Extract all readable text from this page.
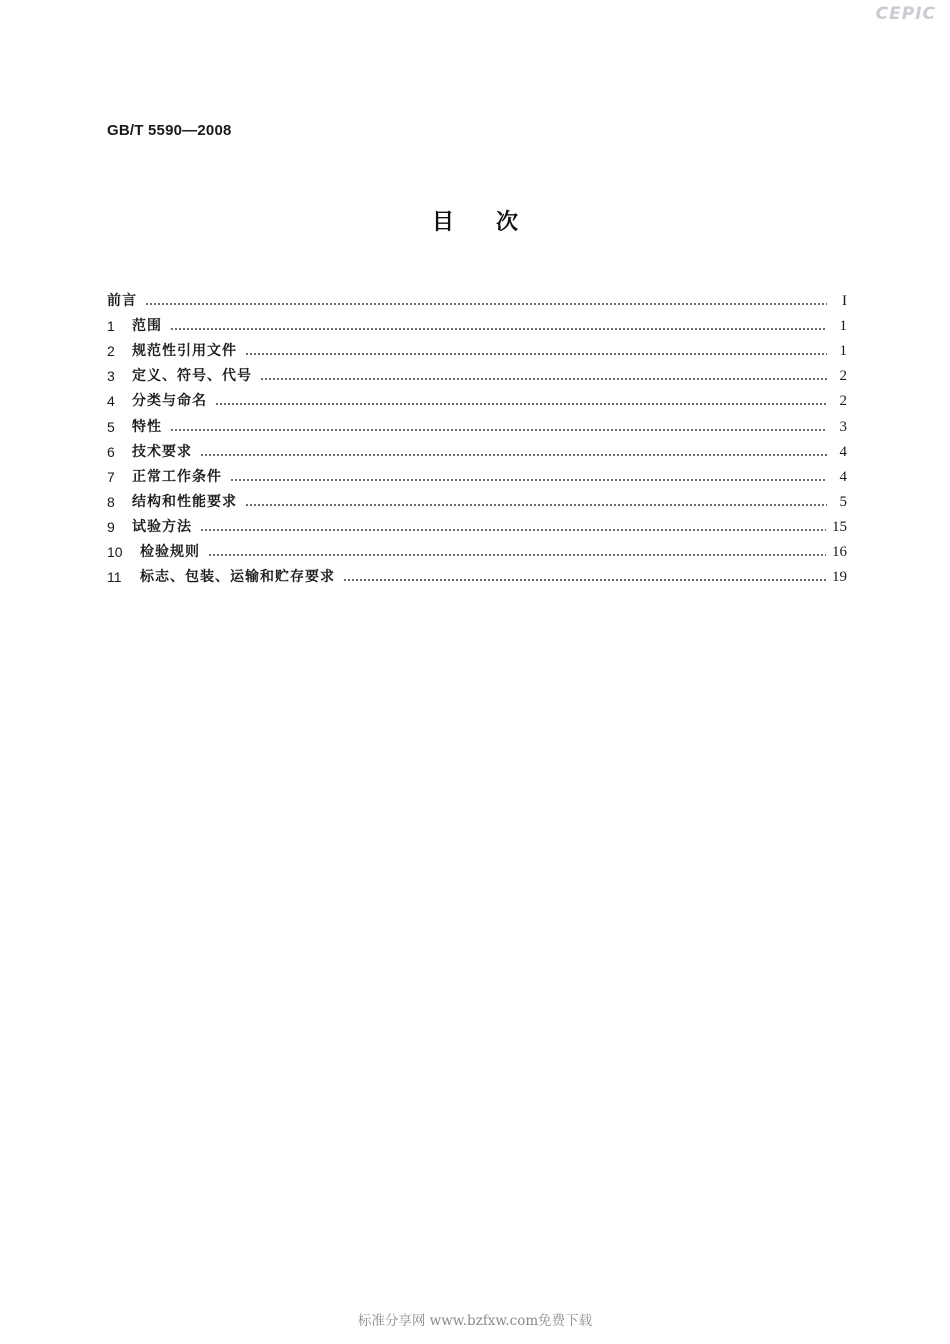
CEPIC
GB/T 5590—2008
目次
前言	I
1	范围	1
2	规范性引用文件	1
3	定义、符号、代号	2
4	分类与命名	2
5	特性	3
6	技术要求	4
7	正常工作条件	4
8	结构和性能要求	5
9	试验方法	15
10	检验规则	16
11	标志、包装、运输和贮存要求	19
标准分享网 www.bzfxw.com免费下载
